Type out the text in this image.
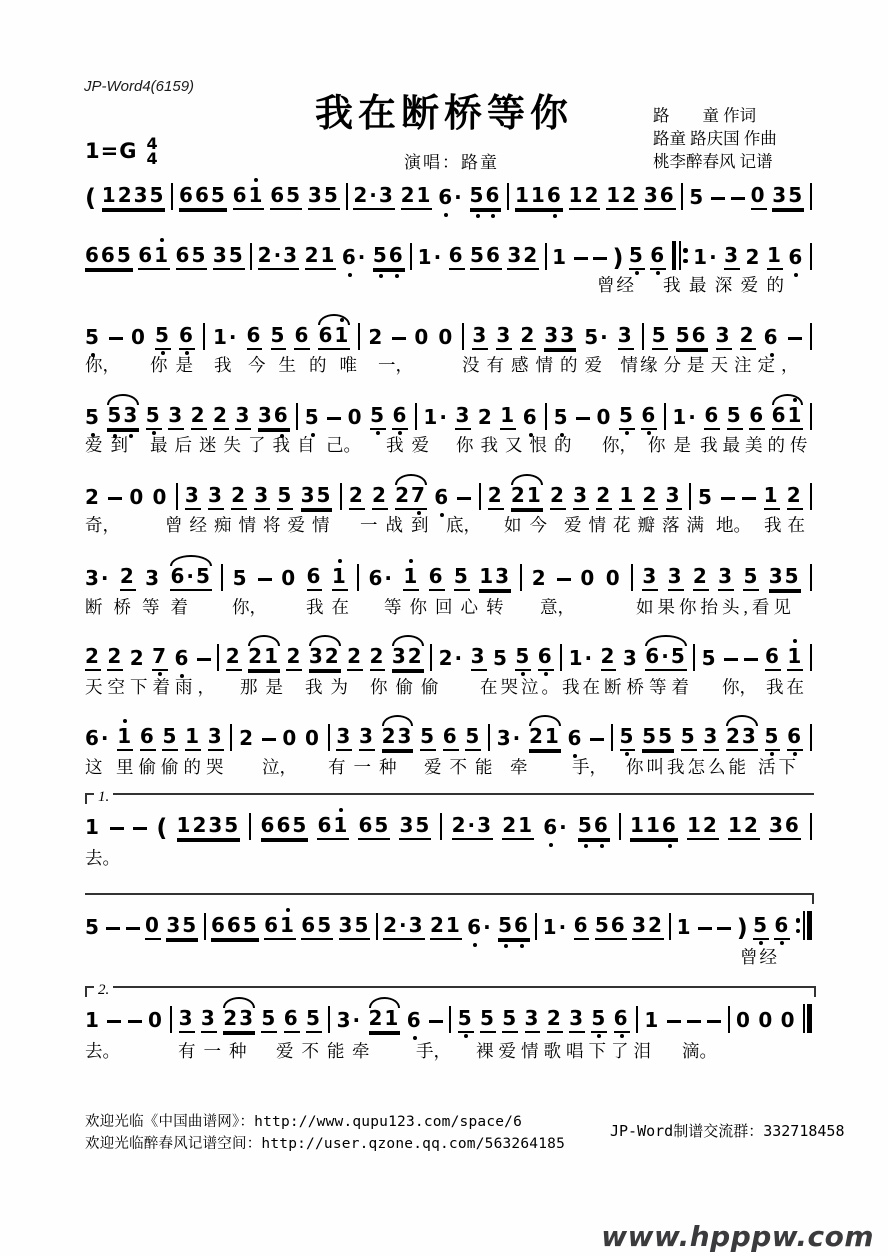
JP-Word4(6159)
我在断桥等你
1=G 4
4	演唱：路童
路　　童 作词
路童 路庆国 作曲
桃李醉春风 记谱
( 1 2 3 5 6 6 5 6 1 6 5 3 5 2 · 3 2 1 6 · 5 6 1 1 6 1 2 1 2 3 6 5 0 3 5
6 6 5 6 1 6 5 3 5 2 · 3 2 1 6 · 5 6 1 · 6 5 6 3 2 1 ) 5 6 1 · 3 2 1 6
曾经 我 最 深 爱 的
5 0 5 6 1 · 6 5 6 6 1 2 0 0 3 3 2 3 3 5 · 3 5 5 6 3 2 6
你， 你是 我 今生的唯 一，	没有感情的爱 情
缘分是天注定，
5 5 3 5 3 2 2 3 3 6 5 0 5 6 1 · 3 2 1 6 5 0 5 6 1 · 6 5 6 6 1
爱到 最后迷失了我自 己。 我爱 你我又恨的 你， 你是 我最美的传
2 0 0 3 3 2 3 5 3 5 2 2 2 7 6 2 2 1 2 3 2 1 2 3 5 1 2
奇，	曾经痴情将爱情 一战到 底， 如今 爱情花瓣落满 地。 我在
3 · 2 3 6 · 5 5 0 6 1 6 · 1 6 5 1 3 2 0 0 3 3 2 3 5 3 5
断桥等着 你， 我在 等你回心转 意，	如果你抬头,看见
2 2 2 7 6 2 2 1 2 3 2 2 2 3 2 2 · 3 5 5 6 1 · 2 3 6 · 5 5 6 1
天空下着雨， 那是 我为 你偷偷 在哭泣。我在 断桥等着 你， 我在
6 · 1 6 5 1 3 2 0 0 3 3 2 3 5 6 5 3 · 2 1 6 5 5 5 5 3 2 3 5 6
这 里偷偷的哭 泣， 有一种 爱不能 牵	手， 你叫我怎么能 活下
1.
1 ( 1 2 3 5 6 6 5 6 1 6 5 3 5 2 · 3 2 1 6 · 5 6 1 1 6 1 2 1 2 3 6
去。
5 0 3 5 6 6 5 6 1 6 5 3 5 2 · 3 2 1 6 · 5 6 1 · 6 5 6 3 2 1 ) 5 6
曾经
2.
1 0 3 3 2 3 5 6 5 3 · 2 1 6 5 5 5 3 2 3 5 6 1	0 0 0
去。	有一种 爱不能 牵	手， 裸爱情歌唱下了泪 滴。
欢迎光临《中国曲谱网》：http://www.qupu123.com/space/6
欢迎光临醉春风记谱空间：http://user.qzone.qq.com/563264185
JP-Word制谱交流群：332718458
www.hpppw.com
